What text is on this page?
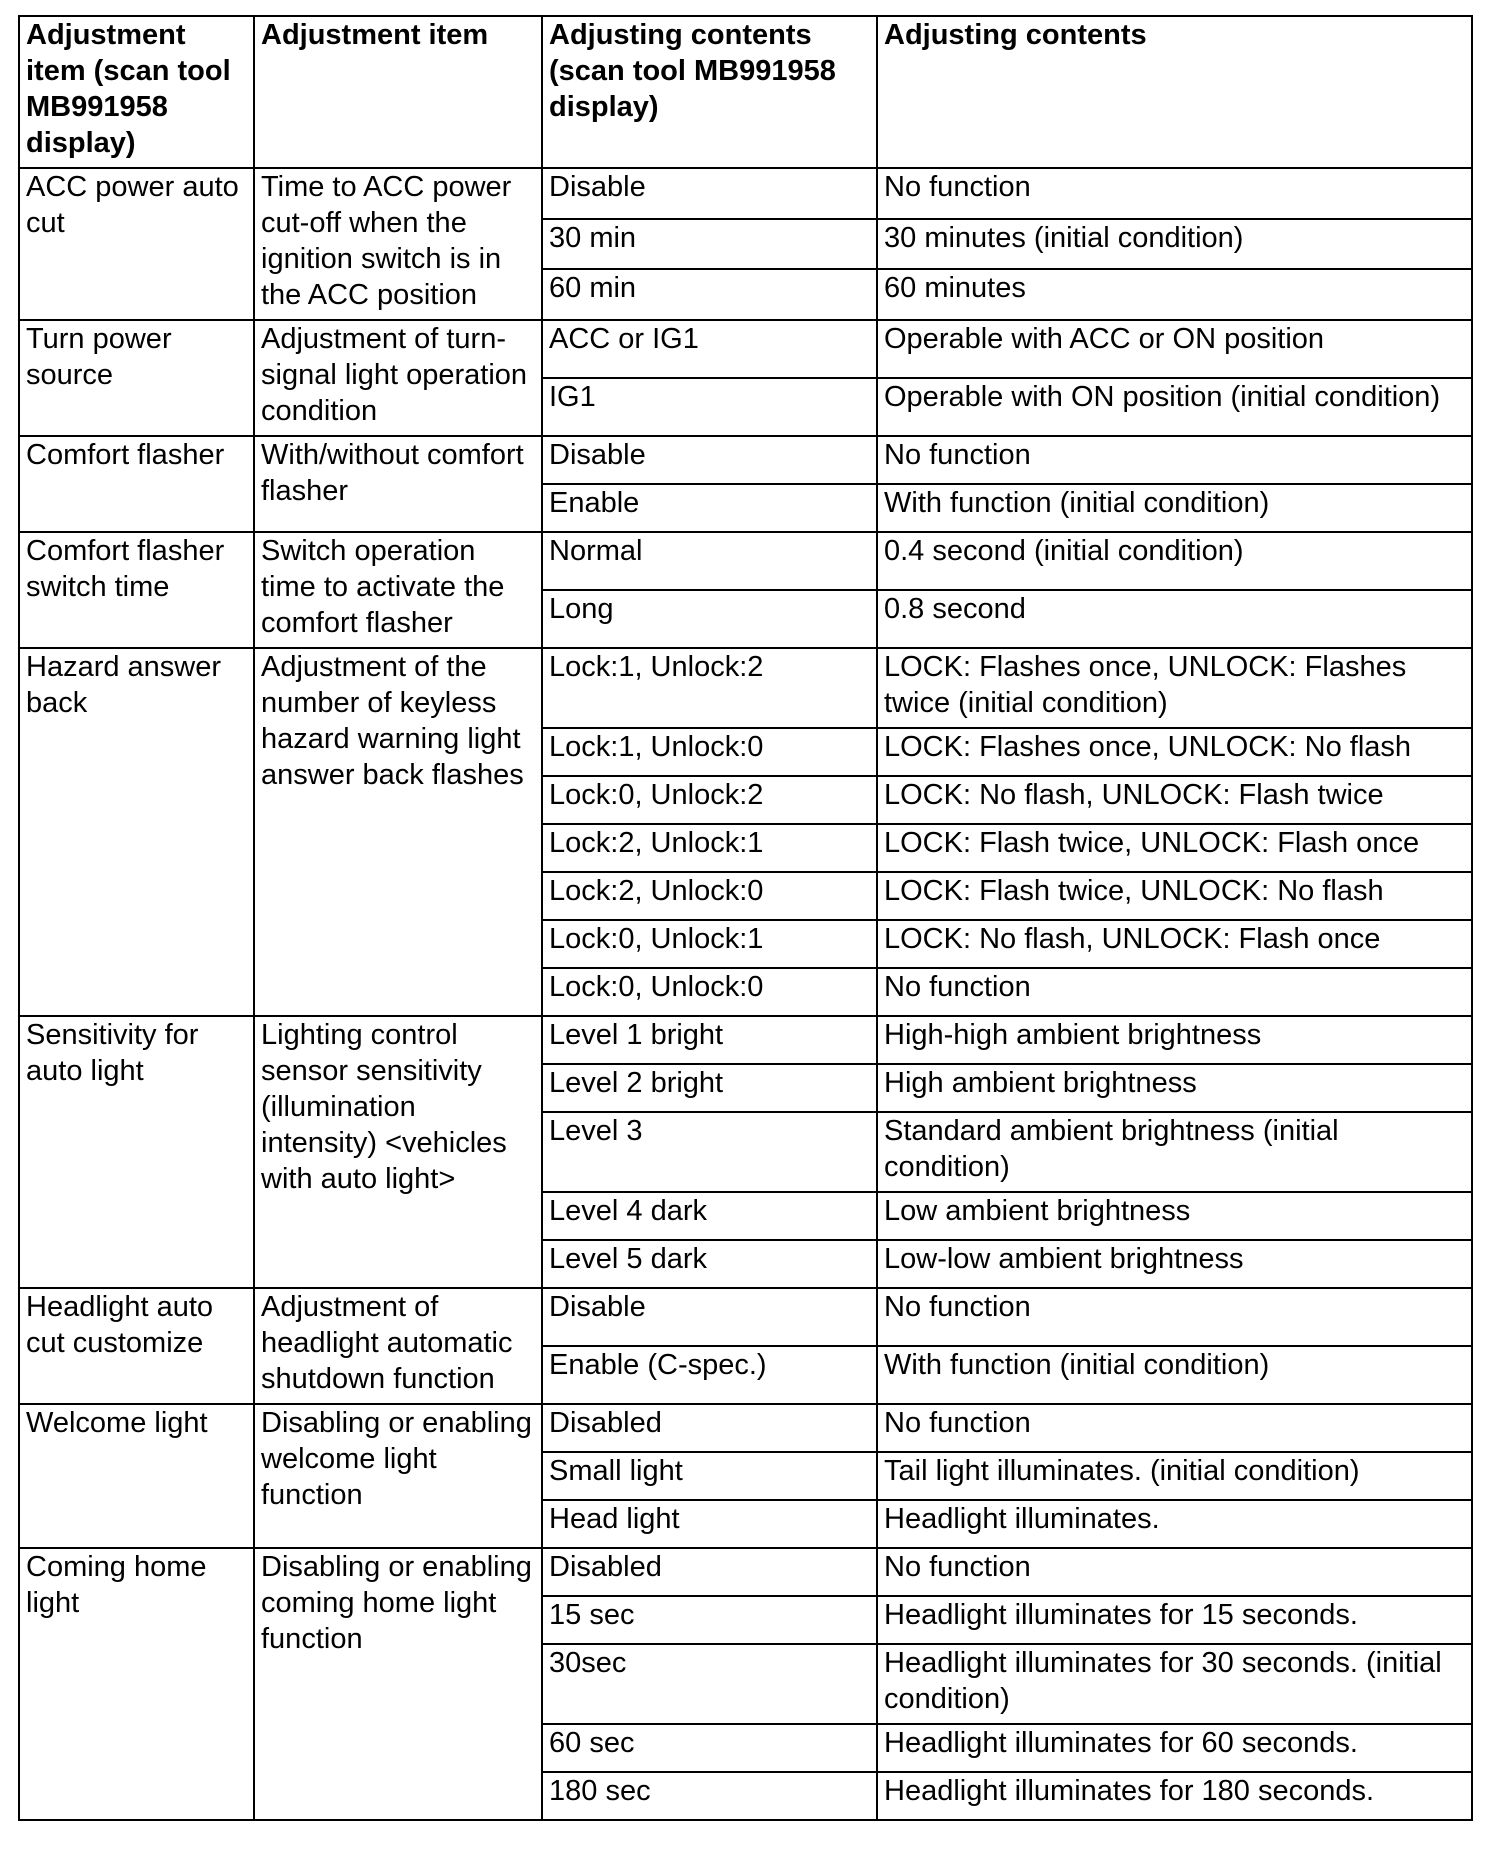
Adjustment item (scan tool MB991958 display)	Adjustment item	Adjusting contents (scan tool MB991958 display)	Adjusting contents
ACC power auto cut	Time to ACC power cut-off when the ignition switch is in the ACC position	Disable	No function
		30 min	30 minutes (initial condition)
		60 min	60 minutes
Turn power source	Adjustment of turn-signal light operation condition	ACC or IG1	Operable with ACC or ON position
		IG1	Operable with ON position (initial condition)
Comfort flasher	With/without comfort flasher	Disable	No function
		Enable	With function (initial condition)
Comfort flasher switch time	Switch operation time to activate the comfort flasher	Normal	0.4 second (initial condition)
		Long	0.8 second
Hazard answer back	Adjustment of the number of keyless hazard warning light answer back flashes	Lock:1, Unlock:2	LOCK: Flashes once, UNLOCK: Flashes twice (initial condition)
		Lock:1, Unlock:0	LOCK: Flashes once, UNLOCK: No flash
		Lock:0, Unlock:2	LOCK: No flash, UNLOCK: Flash twice
		Lock:2, Unlock:1	LOCK: Flash twice, UNLOCK: Flash once
		Lock:2, Unlock:0	LOCK: Flash twice, UNLOCK: No flash
		Lock:0, Unlock:1	LOCK: No flash, UNLOCK: Flash once
		Lock:0, Unlock:0	No function
Sensitivity for auto light	Lighting control sensor sensitivity (illumination intensity) <vehicles with auto light>	Level 1 bright	High-high ambient brightness
		Level 2 bright	High ambient brightness
		Level 3	Standard ambient brightness (initial condition)
		Level 4 dark	Low ambient brightness
		Level 5 dark	Low-low ambient brightness
Headlight auto cut customize	Adjustment of headlight automatic shutdown function	Disable	No function
		Enable (C-spec.)	With function (initial condition)
Welcome light	Disabling or enabling welcome light function	Disabled	No function
		Small light	Tail light illuminates. (initial condition)
		Head light	Headlight illuminates.
Coming home light	Disabling or enabling coming home light function	Disabled	No function
		15 sec	Headlight illuminates for 15 seconds.
		30sec	Headlight illuminates for 30 seconds. (initial condition)
		60 sec	Headlight illuminates for 60 seconds.
		180 sec	Headlight illuminates for 180 seconds.
